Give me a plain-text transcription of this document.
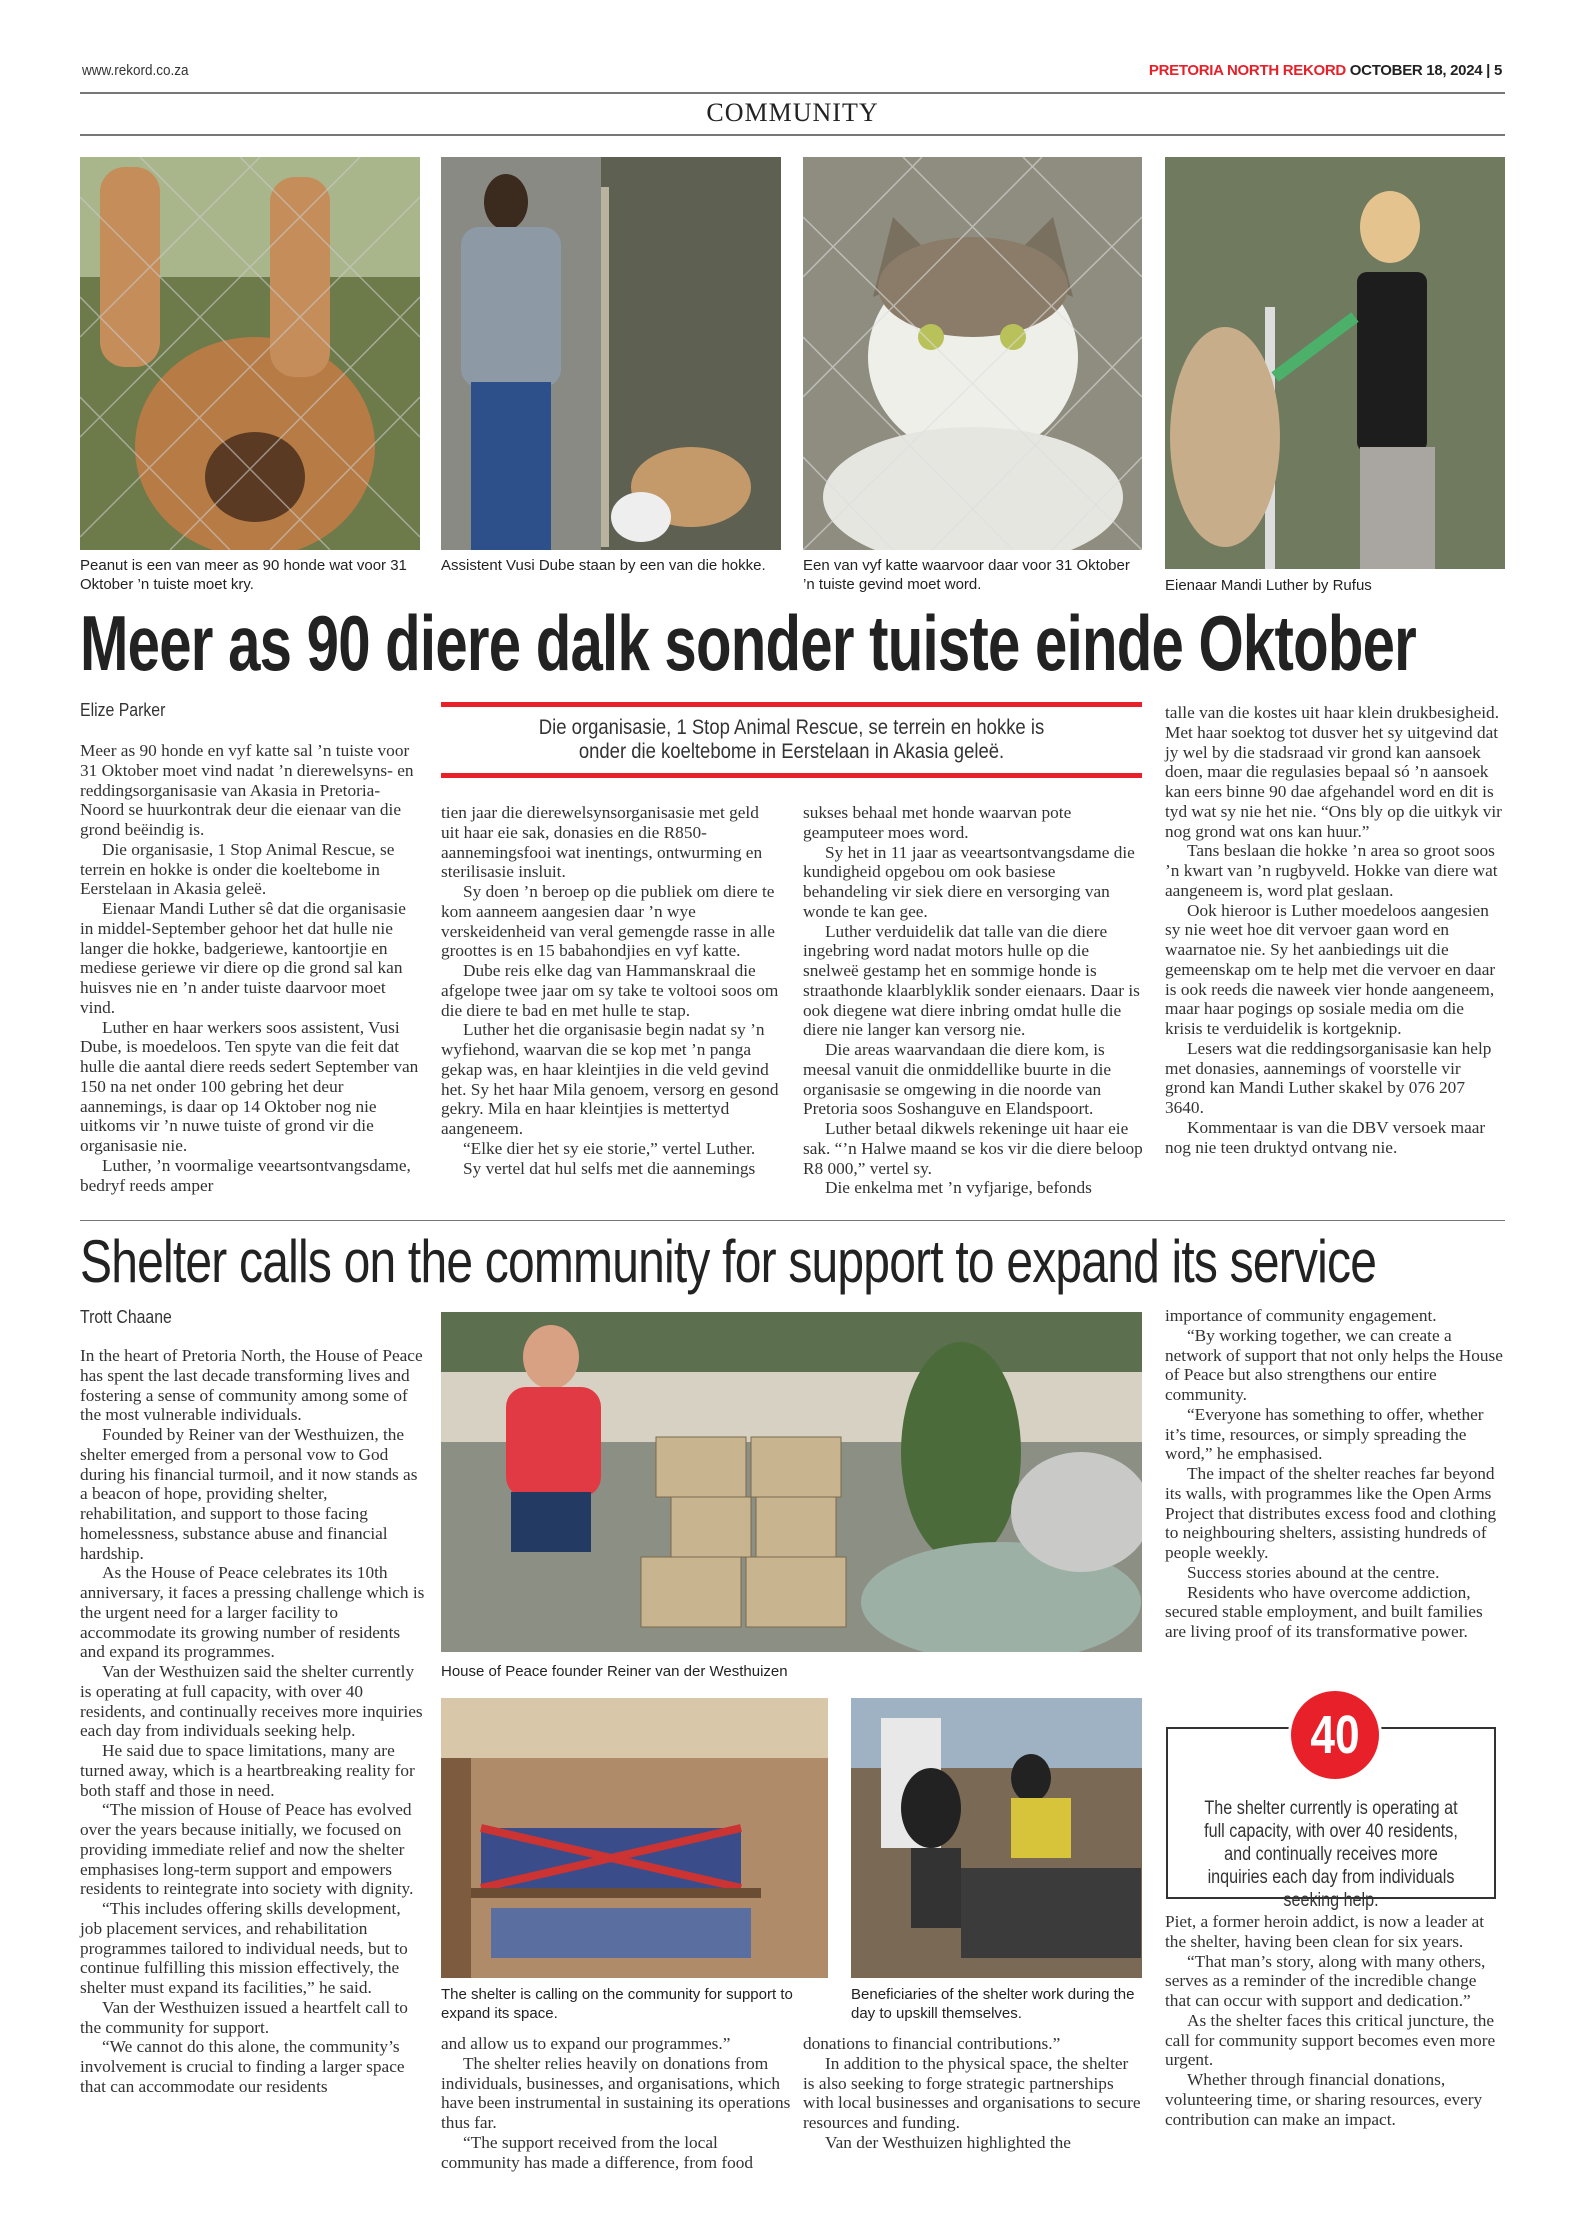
www.rekord.co.za	PRETORIA NORTH REKORD OCTOBER 18, 2024 | 5
COMMUNITY
Peanut is een van meer as 90 honde wat voor 31 Oktober ’n tuiste moet kry.
Assistent Vusi Dube staan by een van die hokke.	Een van vyf katte waarvoor daar voor 31 Oktober ’n tuiste gevind moet word.	Eienaar Mandi Luther by Rufus
Meer as 90 diere dalk sonder tuiste einde Oktober
Elize Parker
Die organisasie, 1 Stop Animal Rescue, se terrein en hokke is onder die koeltebome in Eerstelaan in Akasia geleë.

Meer as 90 honde en vyf katte sal ’n tuiste voor 31 Oktober moet vind nadat ’n dierewelsyns- en reddingsorganisasie van Akasia in Pretoria-Noord se huurkontrak deur die eienaar van die grond beëindig is.

Die organisasie, 1 Stop Animal Rescue, se terrein en hokke is onder die koeltebome in Eerstelaan in Akasia geleë.

Eienaar Mandi Luther sê dat die organisasie in middel-September gehoor het dat hulle nie langer die hokke, badgeriewe, kantoortjie en mediese geriewe vir diere op die grond sal kan huisves nie en ’n ander tuiste daarvoor moet vind.

Luther en haar werkers soos assistent, Vusi Dube, is moedeloos. Ten spyte van die feit dat hulle die aantal diere reeds sedert September van 150 na net onder 100 gebring het deur aannemings, is daar op 14 Oktober nog nie uitkoms vir ’n nuwe tuiste of grond vir die organisasie nie.

Luther, ’n voormalige veeartsontvangsdame, bedryf reeds amper

tien jaar die dierewelsynsorganisasie met geld uit haar eie sak, donasies en die R850-aannemingsfooi wat inentings, ontwurming en sterilisasie insluit.

Sy doen ’n beroep op die publiek om diere te kom aanneem aangesien daar ’n wye verskeidenheid van veral gemengde rasse in alle groottes is en 15 babahondjies en vyf katte.

Dube reis elke dag van Hammanskraal die afgelope twee jaar om sy take te voltooi soos om die diere te bad en met hulle te stap.

Luther het die organisasie begin nadat sy ’n wyfiehond, waarvan die se kop met ’n panga gekap was, en haar kleintjies in die veld gevind het. Sy het haar Mila genoem, versorg en gesond gekry. Mila en haar kleintjies is mettertyd aangeneem.

“Elke dier het sy eie storie,” vertel Luther.

Sy vertel dat hul selfs met die aannemings

sukses behaal met honde waarvan pote geamputeer moes word.

Sy het in 11 jaar as veeartsontvangsdame die kundigheid opgebou om ook basiese behandeling vir siek diere en versorging van wonde te kan gee.

Luther verduidelik dat talle van die diere ingebring word nadat motors hulle op die snelweë gestamp het en sommige honde is straathonde klaarblyklik sonder eienaars. Daar is ook diegene wat diere inbring omdat hulle die diere nie langer kan versorg nie.

Die areas waarvandaan die diere kom, is meesal vanuit die onmiddellike buurte in die organisasie se omgewing in die noorde van Pretoria soos Soshanguve en Elandspoort.

Luther betaal dikwels rekeninge uit haar eie sak. “’n Halwe maand se kos vir die diere beloop R8 000,” vertel sy.

Die enkelma met ’n vyfjarige, befonds

talle van die kostes uit haar klein drukbesigheid. Met haar soektog tot dusver het sy uitgevind dat jy wel by die stadsraad vir grond kan aansoek doen, maar die regulasies bepaal só ’n aansoek kan eers binne 90 dae afgehandel word en dit is tyd wat sy nie het nie. “Ons bly op die uitkyk vir nog grond wat ons kan huur.”

Tans beslaan die hokke ’n area so groot soos ’n kwart van ’n rugbyveld. Hokke van diere wat aangeneem is, word plat geslaan.

Ook hieroor is Luther moedeloos aangesien sy nie weet hoe dit vervoer gaan word en waarnatoe nie. Sy het aanbiedings uit die gemeenskap om te help met die vervoer en daar is ook reeds die naweek vier honde aangeneem, maar haar pogings op sosiale media om die krisis te verduidelik is kortgeknip.

Lesers wat die reddingsorganisasie kan help met donasies, aannemings of voorstelle vir grond kan Mandi Luther skakel by 076 207 3640.

Kommentaar is van die DBV versoek maar nog nie teen druktyd ontvang nie.

Shelter calls on the community for support to expand its service
Trott Chaane
House of Peace founder Reiner van der Westhuizen
The shelter is calling on the community for support to expand its space.
Beneficiaries of the shelter work during the day to upskill themselves.

In the heart of Pretoria North, the House of Peace has spent the last decade transforming lives and fostering a sense of community among some of the most vulnerable individuals.

Founded by Reiner van der Westhuizen, the shelter emerged from a personal vow to God during his financial turmoil, and it now stands as a beacon of hope, providing shelter, rehabilitation, and support to those facing homelessness, substance abuse and financial hardship.

As the House of Peace celebrates its 10th anniversary, it faces a pressing challenge which is the urgent need for a larger facility to accommodate its growing number of residents and expand its programmes.

Van der Westhuizen said the shelter currently is operating at full capacity, with over 40 residents, and continually receives more inquiries each day from individuals seeking help.

He said due to space limitations, many are turned away, which is a heartbreaking reality for both staff and those in need.

“The mission of House of Peace has evolved over the years because initially, we focused on providing immediate relief and now the shelter emphasises long-term support and empowers residents to reintegrate into society with dignity.

“This includes offering skills development, job placement services, and rehabilitation programmes tailored to individual needs, but to continue fulfilling this mission effectively, the shelter must expand its facilities,” he said.

Van der Westhuizen issued a heartfelt call to the community for support.

“We cannot do this alone, the community’s involvement is crucial to finding a larger space that can accommodate our residents

and allow us to expand our programmes.”

The shelter relies heavily on donations from individuals, businesses, and organisations, which have been instrumental in sustaining its operations thus far.

“The support received from the local community has made a difference, from food

donations to financial contributions.”

In addition to the physical space, the shelter is also seeking to forge strategic partnerships with local businesses and organisations to secure resources and funding.

Van der Westhuizen highlighted the

importance of community engagement.

“By working together, we can create a network of support that not only helps the House of Peace but also strengthens our entire community.

“Everyone has something to offer, whether it’s time, resources, or simply spreading the word,” he emphasised.

The impact of the shelter reaches far beyond its walls, with programmes like the Open Arms Project that distributes excess food and clothing to neighbouring shelters, assisting hundreds of people weekly.

Success stories abound at the centre.

Residents who have overcome addiction, secured stable employment, and built families are living proof of its transformative power.

The shelter currently is operating at full capacity, with over 40 residents, and continually receives more inquiries each day from individuals seeking help.
40

Piet, a former heroin addict, is now a leader at the shelter, having been clean for six years.

“That man’s story, along with many others, serves as a reminder of the incredible change that can occur with support and dedication.”

As the shelter faces this critical juncture, the call for community support becomes even more urgent.

Whether through financial donations, volunteering time, or sharing resources, every contribution can make an impact.
